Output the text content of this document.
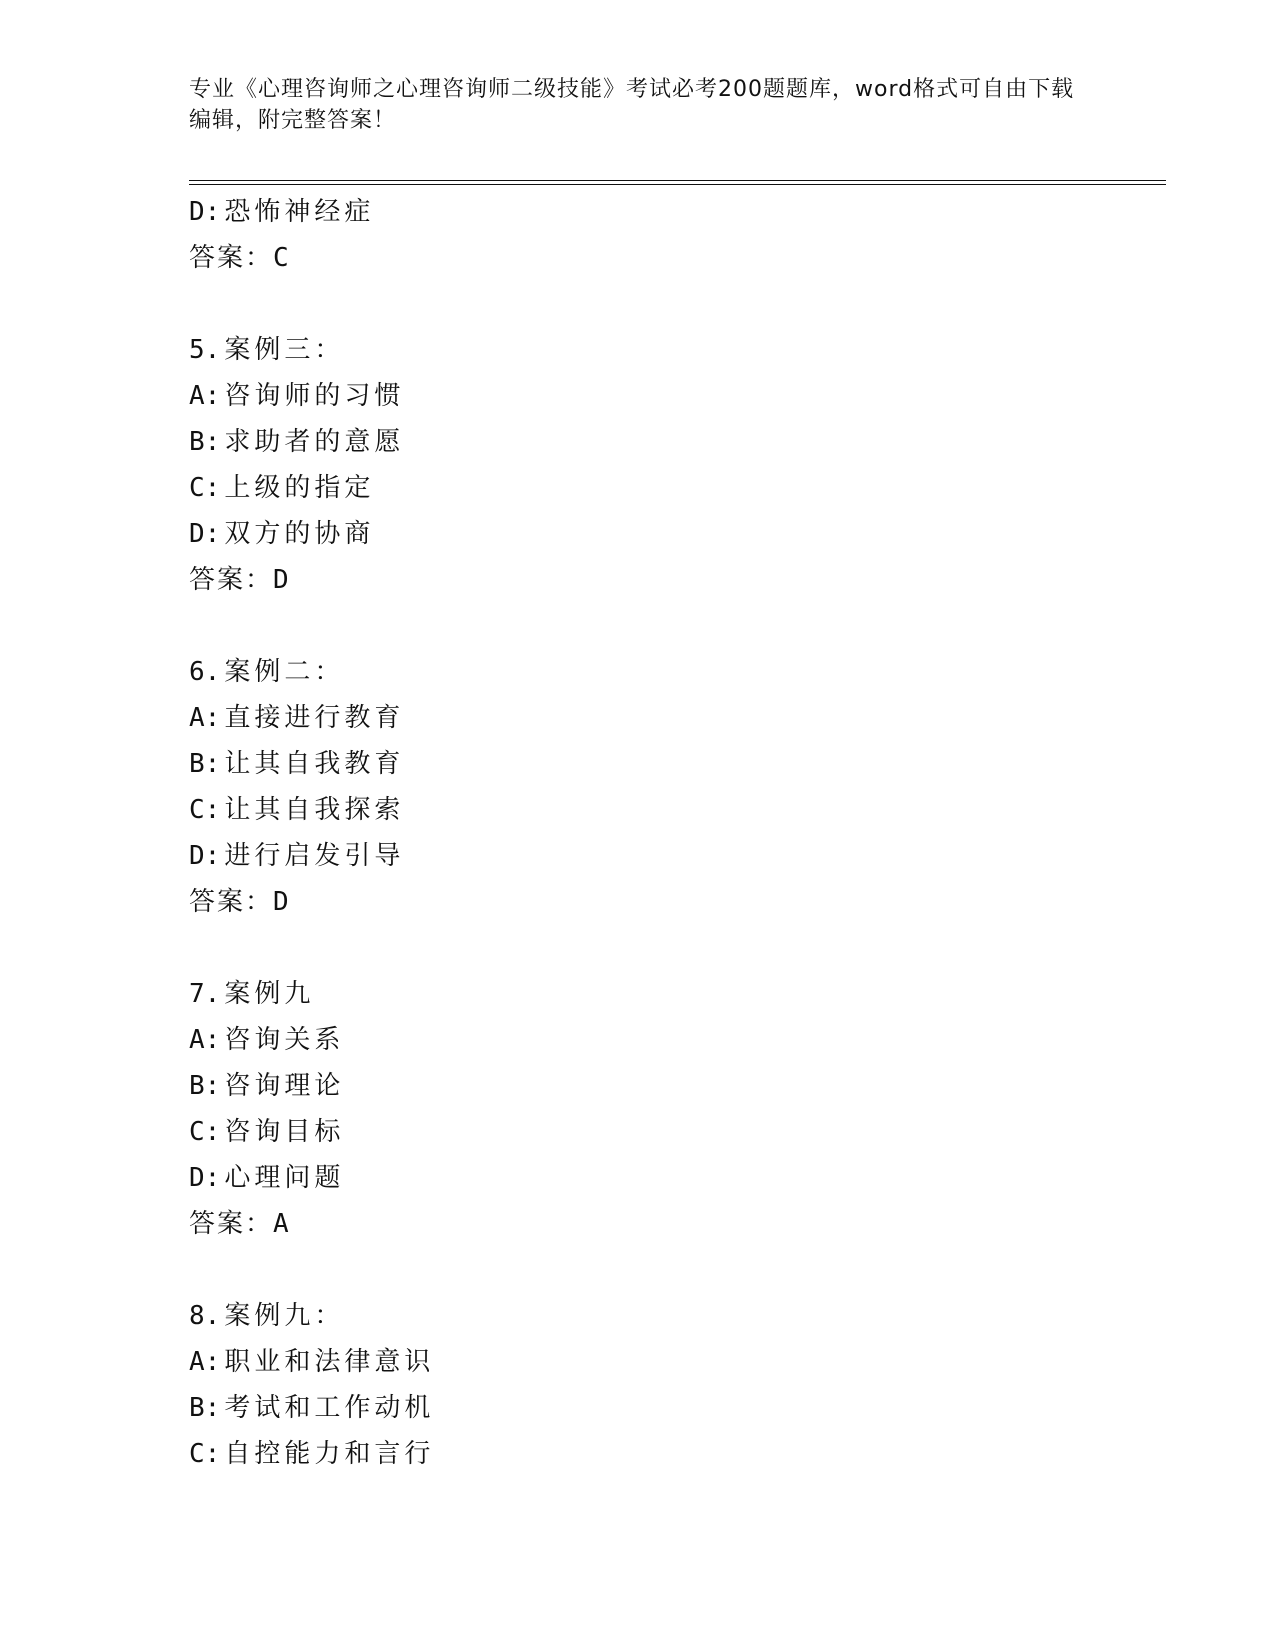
专业《心理咨询师之心理咨询师二级技能》考试必考200题题库，word格式可自由下载编辑，附完整答案！
D: 恐怖神经症
答案：C
5. 案例三：
A: 咨询师的习惯
B: 求助者的意愿
C: 上级的指定
D: 双方的协商
答案：D
6. 案例二：
A: 直接进行教育
B: 让其自我教育
C: 让其自我探索
D: 进行启发引导
答案：D
7. 案例九
A: 咨询关系
B: 咨询理论
C: 咨询目标
D: 心理问题
答案：A
8. 案例九：
A: 职业和法律意识
B: 考试和工作动机
C: 自控能力和言行
